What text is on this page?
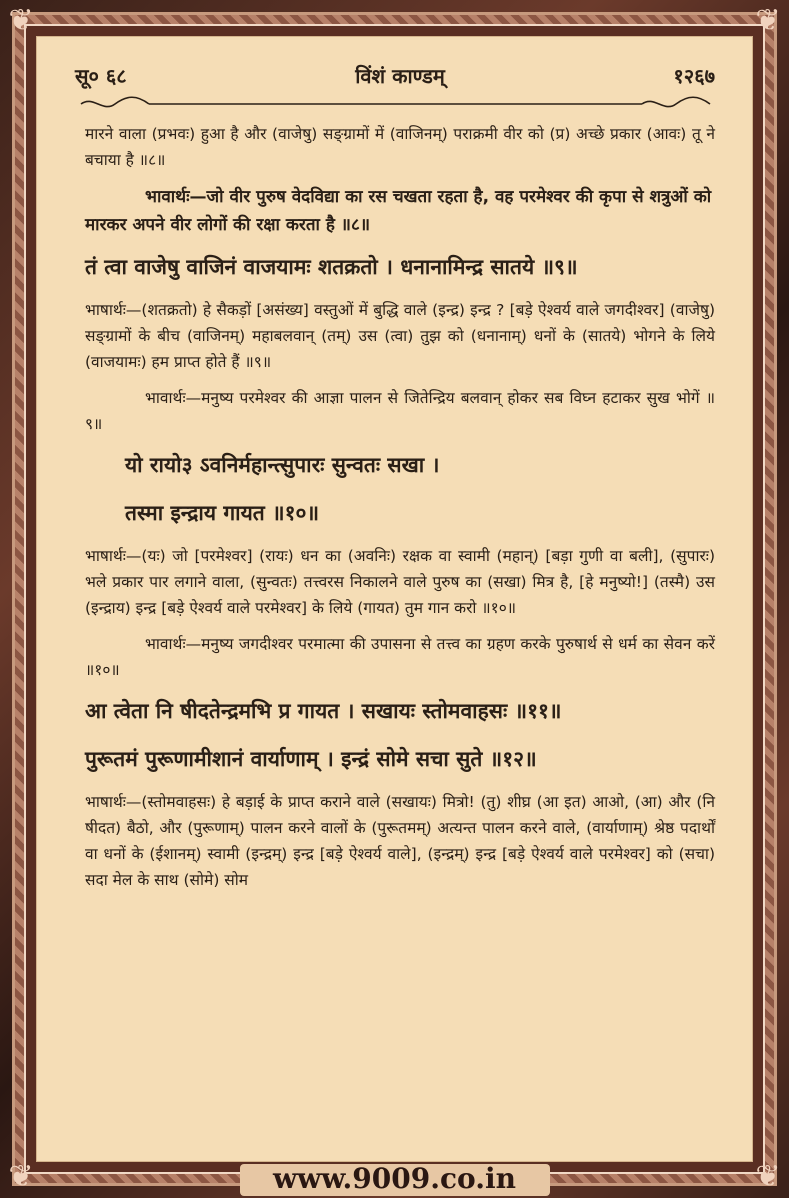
❦	❦
❦	❦
सू० ६८	विंशं काण्डम्	१२६७

मारने वाला (प्रभवः) हुआ है और (वाजेषु) सङ्ग्रामों में (वाजिनम्) पराक्रमी वीर को (प्र) अच्छे प्रकार (आवः) तू ने बचाया है ॥८॥

भावार्थः—जो वीर पुरुष वेदविद्या का रस चखता रहता है, वह परमेश्वर की कृपा से शत्रुओं को मारकर अपने वीर लोगों की रक्षा करता है ॥८॥

तं त्वा वाजेषु वाजिनं वाजयामः शतक्रतो । धनानामिन्द्र सातये ॥९॥

भाषार्थः—(शतक्रतो) हे सैकड़ों [असंख्य] वस्तुओं में बुद्धि वाले (इन्द्र) इन्द्र ? [बड़े ऐश्वर्य वाले जगदीश्वर] (वाजेषु) सङ्ग्रामों के बीच (वाजिनम्) महाबलवान् (तम्) उस (त्वा) तुझ को (धनानाम्) धनों के (सातये) भोगने के लिये (वाजयामः) हम प्राप्त होते हैं ॥९॥

भावार्थः—मनुष्य परमेश्वर की आज्ञा पालन से जितेन्द्रिय बलवान् होकर सब विघ्न हटाकर सुख भोगें ॥९॥

यो रायो३ ऽवनिर्महान्त्सुपारः सुन्वतः सखा ।
तस्मा इन्द्राय गायत ॥१०॥

भाषार्थः—(यः) जो [परमेश्वर] (रायः) धन का (अवनिः) रक्षक वा स्वामी (महान्) [बड़ा गुणी वा बली], (सुपारः) भले प्रकार पार लगाने वाला, (सुन्वतः) तत्त्वरस निकालने वाले पुरुष का (सखा) मित्र है, [हे मनुष्यो!] (तस्मै) उस (इन्द्राय) इन्द्र [बड़े ऐश्वर्य वाले परमेश्वर] के लिये (गायत) तुम गान करो ॥१०॥

भावार्थः—मनुष्य जगदीश्वर परमात्मा की उपासना से तत्त्व का ग्रहण करके पुरुषार्थ से धर्म का सेवन करें ॥१०॥

आ त्वेता नि षीदतेन्द्रमभि प्र गायत । सखायः स्तोमवाहसः ॥११॥
पुरूतमं पुरूणामीशानं वार्याणाम् । इन्द्रं सोमे सचा सुते ॥१२॥

भाषार्थः—(स्तोमवाहसः) हे बड़ाई के प्राप्त कराने वाले (सखायः) मित्रो! (तु) शीघ्र (आ इत) आओ, (आ) और (नि षीदत) बैठो, और (पुरूणाम्) पालन करने वालों के (पुरूतमम्) अत्यन्त पालन करने वाले, (वार्याणाम्) श्रेष्ठ पदार्थों वा धनों के (ईशानम्) स्वामी (इन्द्रम्) इन्द्र [बड़े ऐश्वर्य वाले], (इन्द्रम्) इन्द्र [बड़े ऐश्वर्य वाले परमेश्वर] को (सचा) सदा मेल के साथ (सोमे) सोम

www.9009.co.in
